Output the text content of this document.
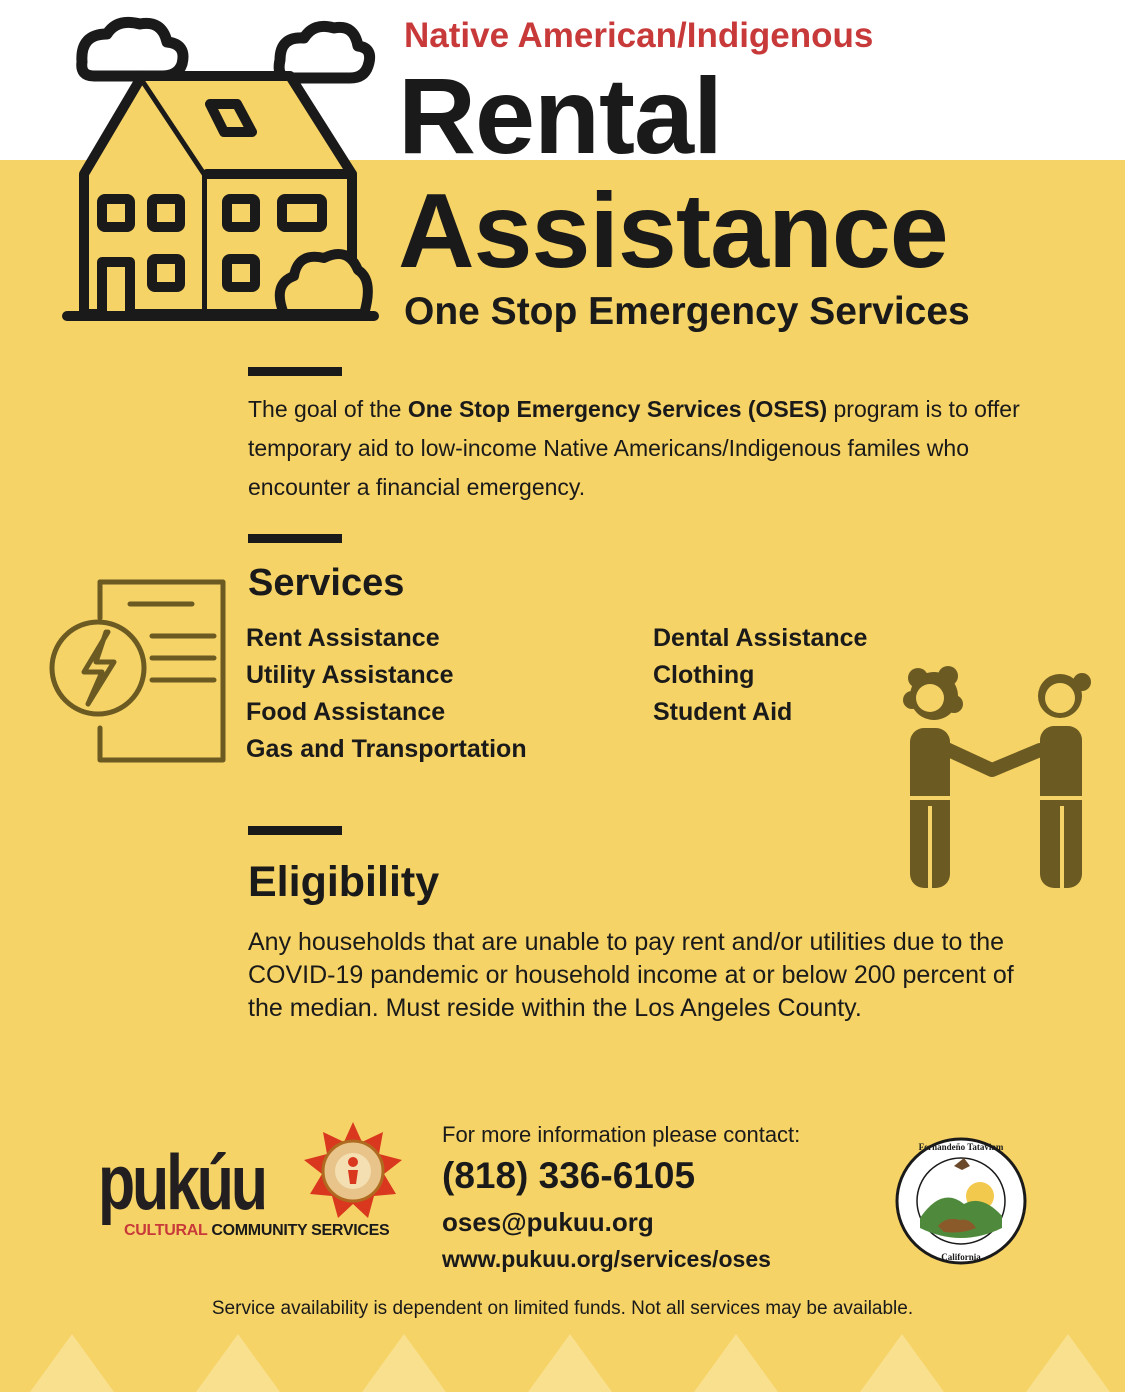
Native American/Indigenous
Rental
Assistance
One Stop Emergency Services
The goal of the One Stop Emergency Services (OSES) program is to offer temporary aid to low-income Native Americans/Indigenous familes who encounter a financial emergency.
Services
Rent Assistance
Utility Assistance
Food Assistance
Gas and Transportation
Dental Assistance
Clothing
Student Aid
Eligibility
Any households that are unable to pay rent and/or utilities due to the COVID-19 pandemic or household income at or below 200 percent of the median. Must reside within the Los Angeles County.
pukúu
CULTURAL COMMUNITY SERVICES
For more information please contact:
(818) 336-6105
oses@pukuu.org
www.pukuu.org/services/oses
Fernandeño Tataviam
California
Service availability is dependent on limited funds. Not all services may be available.
